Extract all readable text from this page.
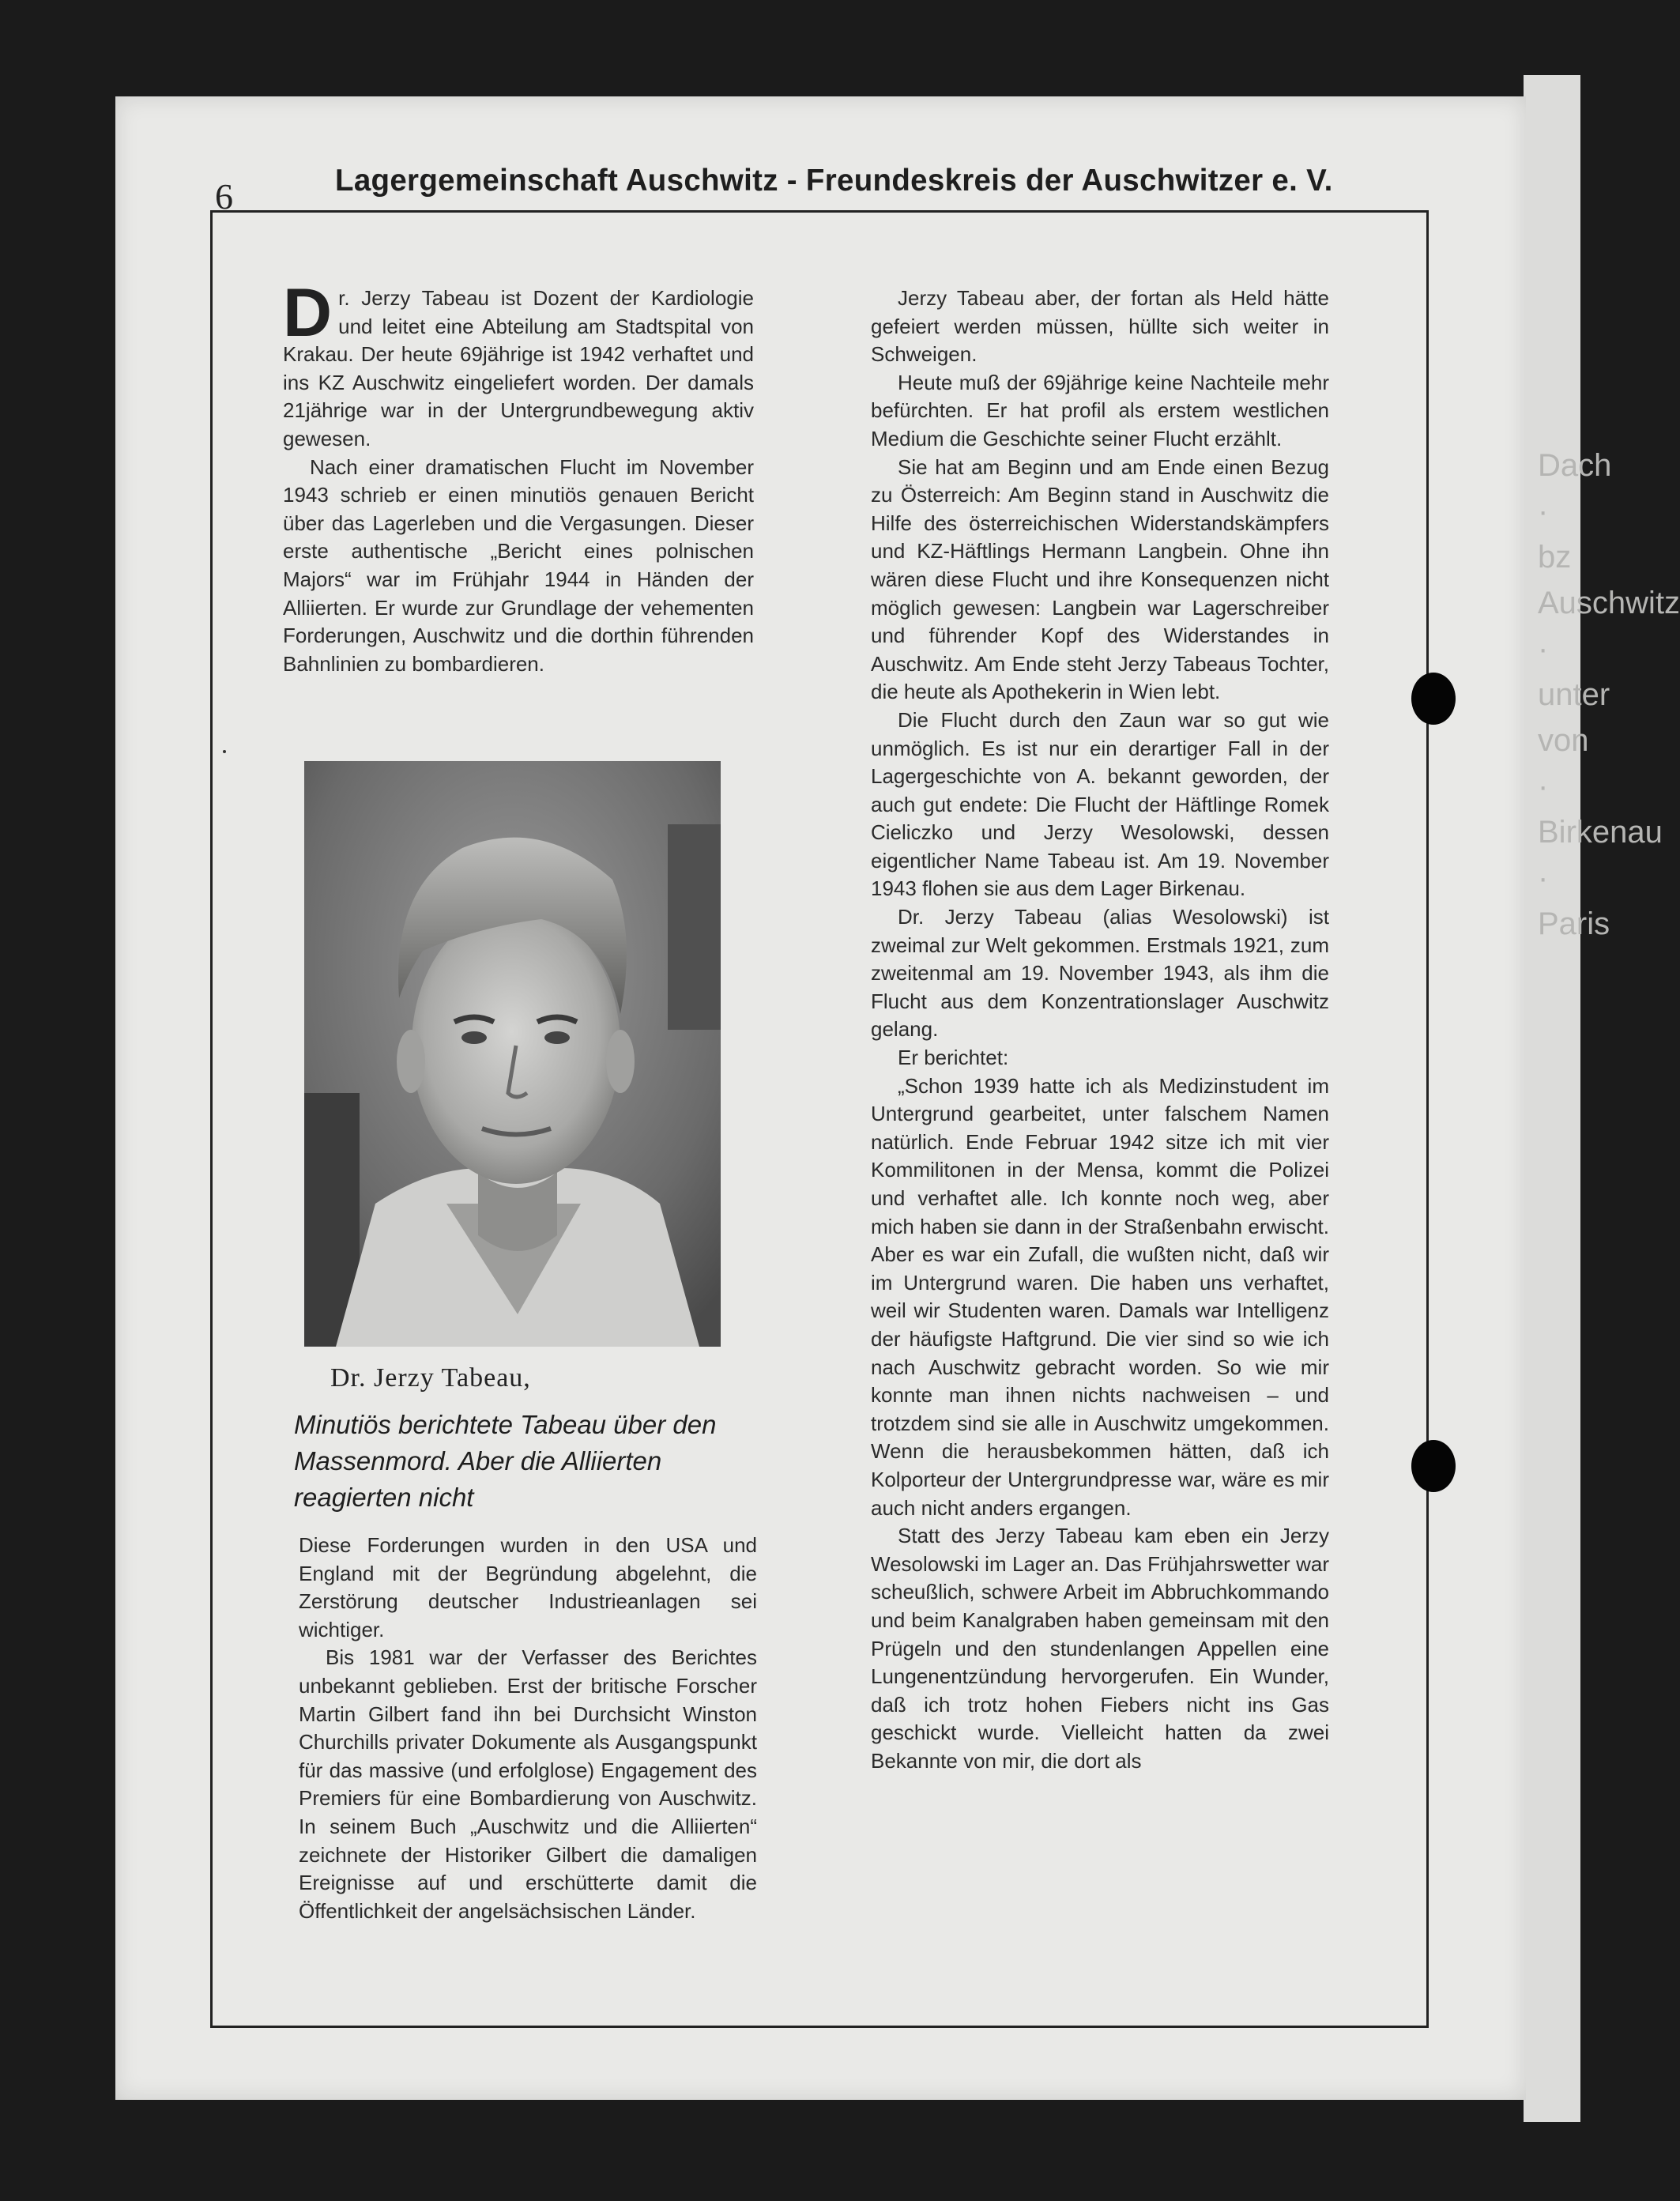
Dach · bz Auschwitz · unter von · Birkenau · Paris
6	Lagergemeinschaft Auschwitz - Freundeskreis der Auschwitzer e. V.

Dr. Jerzy Tabeau ist Dozent der Kardiologie und leitet eine Abteilung am Stadtspital von Krakau. Der heute 69jährige ist 1942 verhaftet und ins KZ Auschwitz eingeliefert worden. Der damals 21jährige war in der Untergrundbewegung aktiv gewesen.

Nach einer dramatischen Flucht im November 1943 schrieb er einen minutiös genauen Bericht über das Lagerleben und die Vergasungen. Dieser erste authentische „Bericht eines polnischen Majors“ war im Frühjahr 1944 in Händen der Alliierten. Er wurde zur Grundlage der vehementen Forderungen, Auschwitz und die dorthin führenden Bahnlinien zu bombardieren.

Dr. Jerzy Tabeau,
Minutiös berichtete Tabeau über den Massenmord. Aber die Alliierten reagierten nicht

Diese Forderungen wurden in den USA und England mit der Begründung abgelehnt, die Zerstörung deutscher Industrieanlagen sei wichtiger.

Bis 1981 war der Verfasser des Berichtes unbekannt geblieben. Erst der britische Forscher Martin Gilbert fand ihn bei Durchsicht Winston Churchills privater Dokumente als Ausgangspunkt für das massive (und erfolglose) Engagement des Premiers für eine Bombardierung von Auschwitz. In seinem Buch „Auschwitz und die Alliierten“ zeichnete der Historiker Gilbert die damaligen Ereignisse auf und erschütterte damit die Öffentlichkeit der angelsächsischen Länder.

Jerzy Tabeau aber, der fortan als Held hätte gefeiert werden müssen, hüllte sich weiter in Schweigen.

Heute muß der 69jährige keine Nachteile mehr befürchten. Er hat profil als erstem westlichen Medium die Geschichte seiner Flucht erzählt.

Sie hat am Beginn und am Ende einen Bezug zu Österreich: Am Beginn stand in Auschwitz die Hilfe des österreichischen Widerstandskämpfers und KZ-Häftlings Hermann Langbein. Ohne ihn wären diese Flucht und ihre Konsequenzen nicht möglich gewesen: Langbein war Lagerschreiber und führender Kopf des Widerstandes in Auschwitz. Am Ende steht Jerzy Tabeaus Tochter, die heute als Apothekerin in Wien lebt.

Die Flucht durch den Zaun war so gut wie unmöglich. Es ist nur ein derartiger Fall in der Lagergeschichte von A. bekannt geworden, der auch gut endete: Die Flucht der Häftlinge Romek Cieliczko und Jerzy Wesolowski, dessen eigentlicher Name Tabeau ist. Am 19. November 1943 flohen sie aus dem Lager Birkenau.

Dr. Jerzy Tabeau (alias Wesolowski) ist zweimal zur Welt gekommen. Erstmals 1921, zum zweitenmal am 19. November 1943, als ihm die Flucht aus dem Konzentrationslager Auschwitz gelang.

Er berichtet:

„Schon 1939 hatte ich als Medizinstudent im Untergrund gearbeitet, unter falschem Namen natürlich. Ende Februar 1942 sitze ich mit vier Kommilitonen in der Mensa, kommt die Polizei und verhaftet alle. Ich konnte noch weg, aber mich haben sie dann in der Straßenbahn erwischt. Aber es war ein Zufall, die wußten nicht, daß wir im Untergrund waren. Die haben uns verhaftet, weil wir Studenten waren. Damals war Intelligenz der häufigste Haftgrund. Die vier sind so wie ich nach Auschwitz gebracht worden. So wie mir konnte man ihnen nichts nachweisen – und trotzdem sind sie alle in Auschwitz umgekommen. Wenn die herausbekommen hätten, daß ich Kolporteur der Untergrundpresse war, wäre es mir auch nicht anders ergangen.

Statt des Jerzy Tabeau kam eben ein Jerzy Wesolowski im Lager an. Das Frühjahrswetter war scheußlich, schwere Arbeit im Abbruchkommando und beim Kanalgraben haben gemeinsam mit den Prügeln und den stundenlangen Appellen eine Lungenentzündung hervorgerufen. Ein Wunder, daß ich trotz hohen Fiebers nicht ins Gas geschickt wurde. Vielleicht hatten da zwei Bekannte von mir, die dort als
